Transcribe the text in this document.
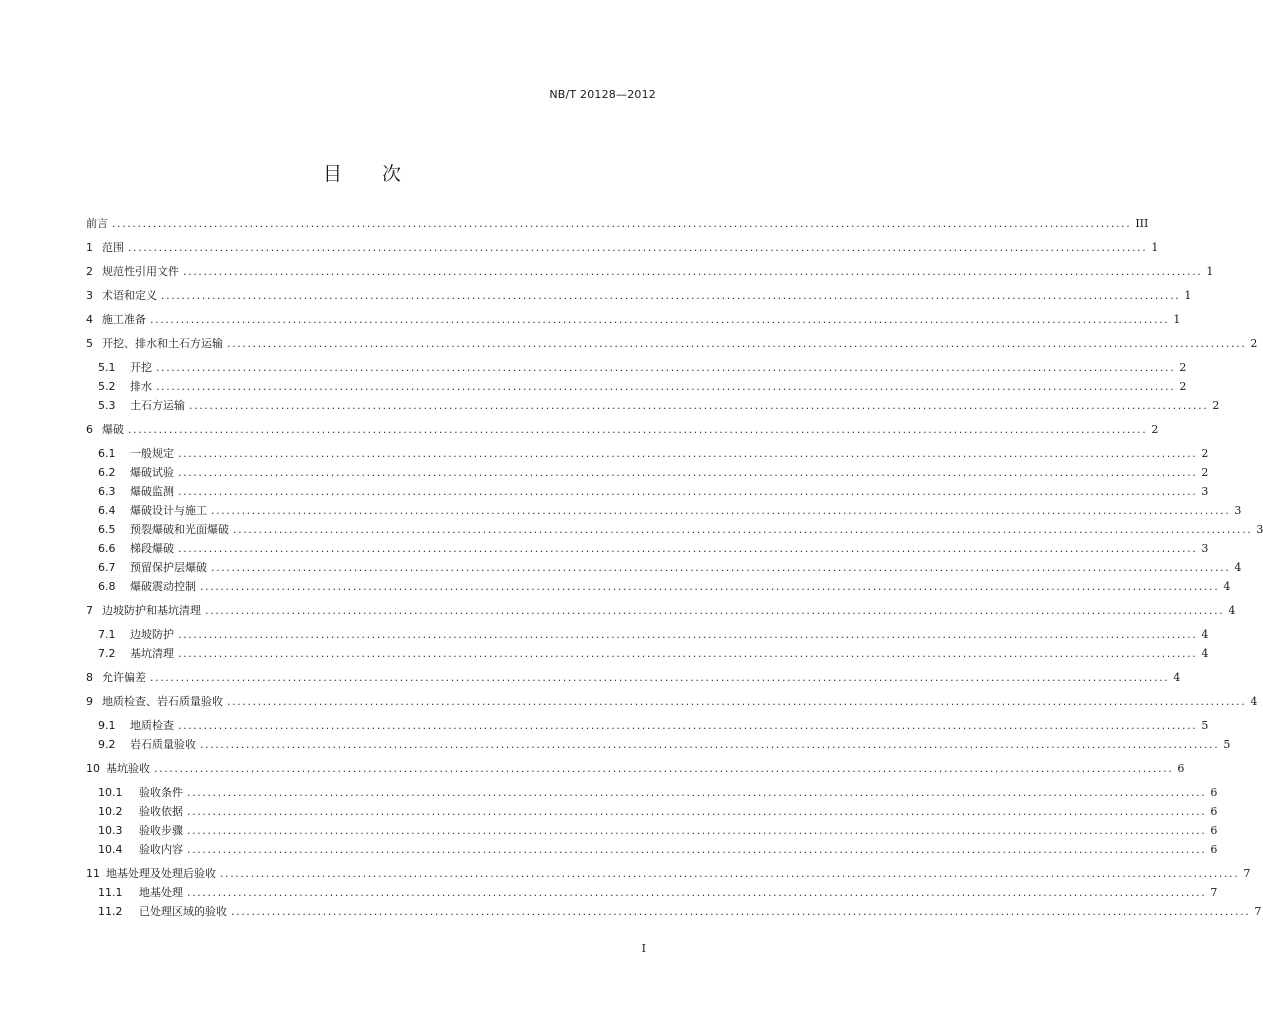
NB/T 20128—2012
目 次
前言 ........................................................................................................................................................................................................ III
1 范围 ........................................................................................................................................................................................................ 1
2 规范性引用文件 ........................................................................................................................................................................................................ 1
3 术语和定义 ........................................................................................................................................................................................................ 1
4 施工准备 ........................................................................................................................................................................................................ 1
5 开挖、排水和土石方运输 ........................................................................................................................................................................................................ 2
5.1	开挖 ........................................................................................................................................................................................................ 2
5.2	排水 ........................................................................................................................................................................................................ 2
5.3	土石方运输 ........................................................................................................................................................................................................ 2
6 爆破 ........................................................................................................................................................................................................ 2
6.1	一般规定 ........................................................................................................................................................................................................ 2
6.2	爆破试验 ........................................................................................................................................................................................................ 2
6.3	爆破监测 ........................................................................................................................................................................................................ 3
6.4	爆破设计与施工 ........................................................................................................................................................................................................ 3
6.5	预裂爆破和光面爆破 ........................................................................................................................................................................................................ 3
6.6	梯段爆破 ........................................................................................................................................................................................................ 3
6.7	预留保护层爆破 ........................................................................................................................................................................................................ 4
6.8	爆破震动控制 ........................................................................................................................................................................................................ 4
7 边坡防护和基坑清理 ........................................................................................................................................................................................................ 4
7.1	边坡防护 ........................................................................................................................................................................................................ 4
7.2	基坑清理 ........................................................................................................................................................................................................ 4
8 允许偏差 ........................................................................................................................................................................................................ 4
9 地质检查、岩石质量验收 ........................................................................................................................................................................................................ 4
9.1	地质检查 ........................................................................................................................................................................................................ 5
9.2	岩石质量验收 ........................................................................................................................................................................................................ 5
10 基坑验收 ........................................................................................................................................................................................................ 6
10.1	验收条件 ........................................................................................................................................................................................................ 6
10.2	验收依据 ........................................................................................................................................................................................................ 6
10.3	验收步骤 ........................................................................................................................................................................................................ 6
10.4	验收内容 ........................................................................................................................................................................................................ 6
11 地基处理及处理后验收 ........................................................................................................................................................................................................ 7
11.1	地基处理 ........................................................................................................................................................................................................ 7
11.2	已处理区域的验收 ........................................................................................................................................................................................................ 7
I
